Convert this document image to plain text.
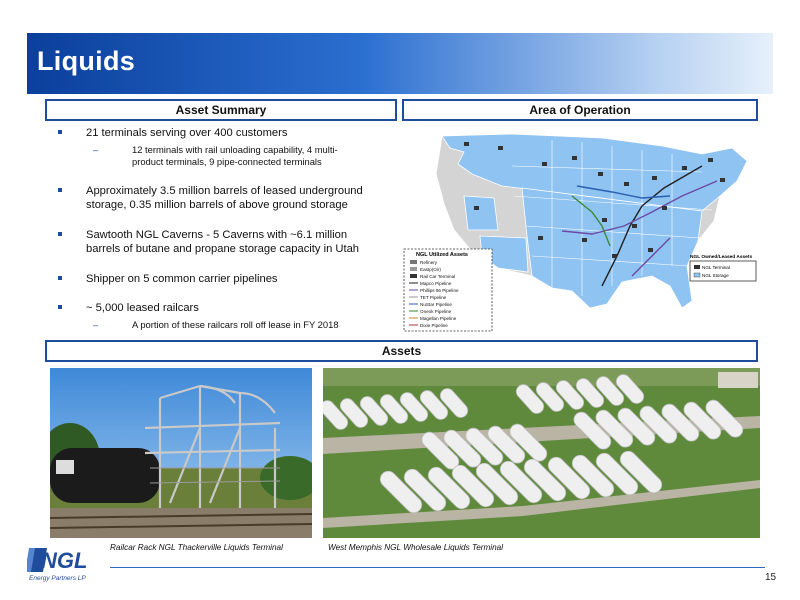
Liquids
Asset Summary	Area of Operation
21 terminals serving over 400 customers
–	12 terminals with rail unloading capability, 4 multi-product terminals, 9 pipe-connected terminals
Approximately 3.5 million barrels of leased underground storage, 0.35 million barrels of above ground storage
Sawtooth NGL Caverns - 5 Caverns with ~6.1 million barrels of butane and propane storage capacity in Utah
Shipper on 5 common carrier pipelines
~ 5,000 leased railcars
–	A portion of these railcars roll off lease in FY 2018
NGL Utilized Assets
Refinery
Eastp(Oir)
Rail Car Terminal
Mapco Pipeline
Phillips 66 Pipeline
TET Pipeline
NuStar Pipeline
Oneok Pipeline
Magellan Pipeline
Dixie Pipeline
NGL Owned/Leased Assets
NGL Terminal
NGL Storage
Assets
Railcar Rack NGL Thackerville Liquids Terminal	West Memphis NGL Wholesale Liquids Terminal
NGL
Energy Partners LP	15
